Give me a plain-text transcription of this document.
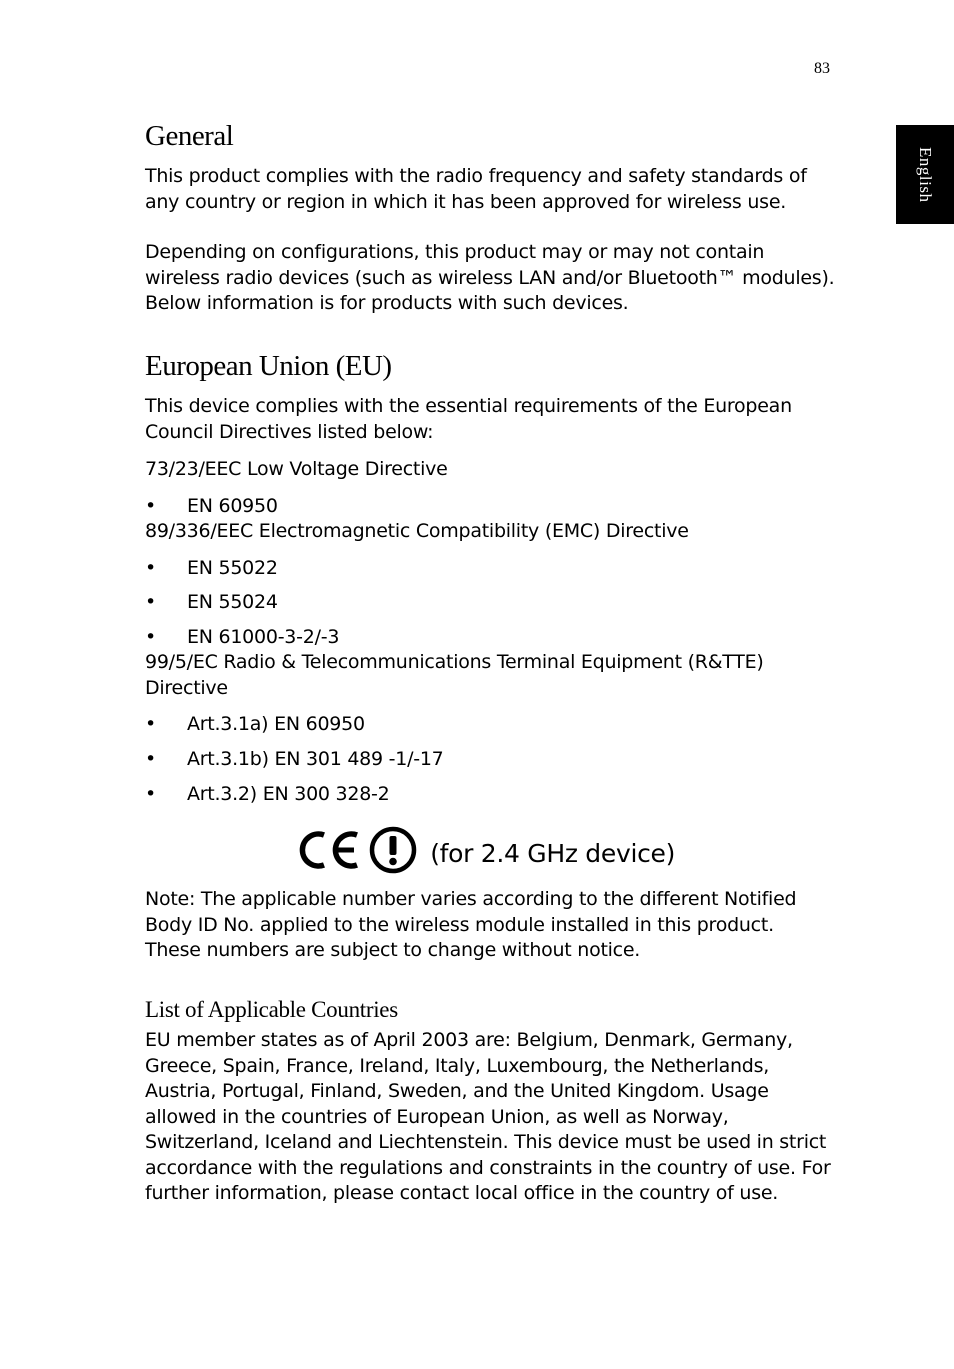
83
English
General
This product complies with the radio frequency and safety standards of any country or region in which it has been approved for wireless use.
Depending on configurations, this product may or may not contain wireless radio devices (such as wireless LAN and/or Bluetooth™ modules). Below information is for products with such devices.
European Union (EU)
This device complies with the essential requirements of the European Council Directives listed below:
73/23/EEC Low Voltage Directive
• EN 60950
89/336/EEC Electromagnetic Compatibility (EMC) Directive
• EN 55022
• EN 55024
• EN 61000-3-2/-3
99/5/EC Radio & Telecommunications Terminal Equipment (R&TTE) Directive
• Art.3.1a) EN 60950
• Art.3.1b) EN 301 489 -1/-17
• Art.3.2) EN 300 328-2
(for 2.4 GHz device)
Note: The applicable number varies according to the different Notified Body ID No. applied to the wireless module installed in this product. These numbers are subject to change without notice.
List of Applicable Countries
EU member states as of April 2003 are: Belgium, Denmark, Germany, Greece, Spain, France, Ireland, Italy, Luxembourg, the Netherlands, Austria, Portugal, Finland, Sweden, and the United Kingdom. Usage allowed in the countries of European Union, as well as Norway, Switzerland, Iceland and Liechtenstein. This device must be used in strict accordance with the regulations and constraints in the country of use. For further information, please contact local office in the country of use.
